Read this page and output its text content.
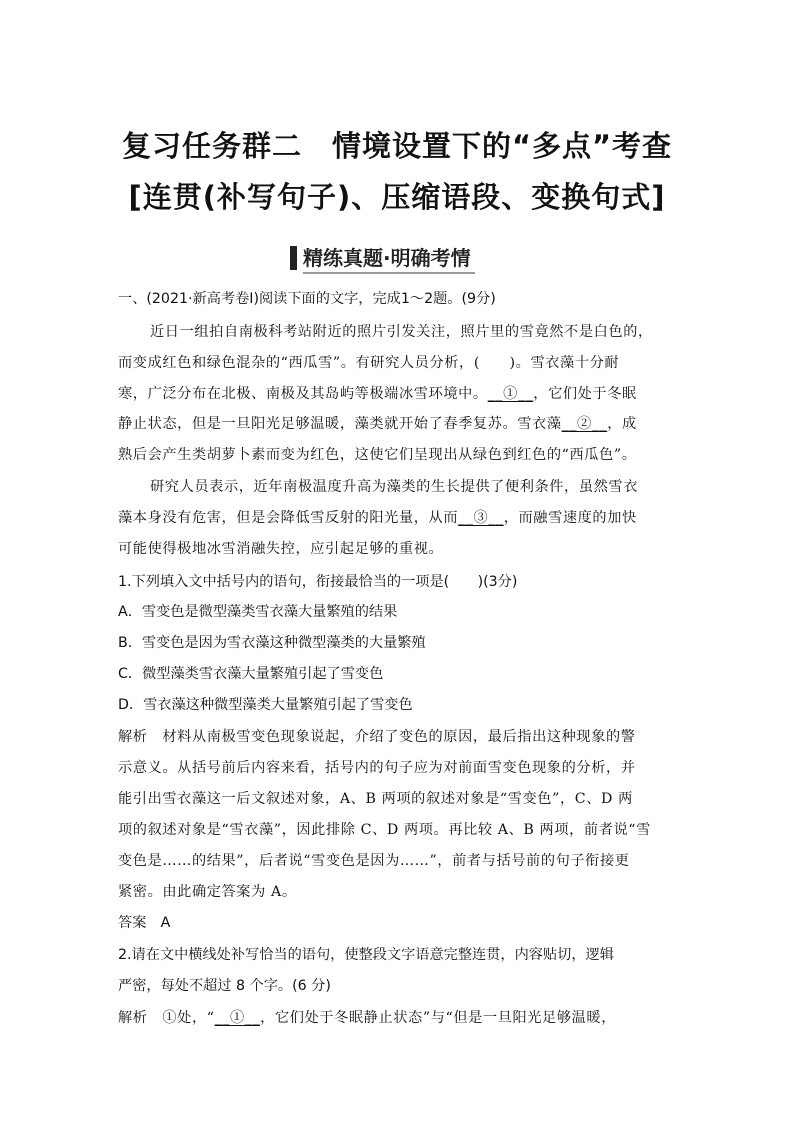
复习任务群二　情境设置下的“多点”考查
[连贯(补写句子)、压缩语段、变换句式]
精练真题·明确考情
一、(2021·新高考卷Ⅰ)阅读下面的文字，完成1～2题。(9分)
近日一组拍自南极科考站附近的照片引发关注，照片里的雪竟然不是白色的，
而变成红色和绿色混杂的“西瓜雪”。有研究人员分析，(　　)。雪衣藻十分耐
寒，广泛分布在北极、南极及其岛屿等极端冰雪环境中。__①__，它们处于冬眠
静止状态，但是一旦阳光足够温暖，藻类就开始了春季复苏。雪衣藻__②__，成
熟后会产生类胡萝卜素而变为红色，这使它们呈现出从绿色到红色的“西瓜色”。
研究人员表示，近年南极温度升高为藻类的生长提供了便利条件，虽然雪衣
藻本身没有危害，但是会降低雪反射的阳光量，从而__③__，而融雪速度的加快
可能使得极地冰雪消融失控，应引起足够的重视。
1.下列填入文中括号内的语句，衔接最恰当的一项是(　　)(3分)
A．雪变色是微型藻类雪衣藻大量繁殖的结果
B．雪变色是因为雪衣藻这种微型藻类的大量繁殖
C．微型藻类雪衣藻大量繁殖引起了雪变色
D．雪衣藻这种微型藻类大量繁殖引起了雪变色
解析　 材料从南极雪变色现象说起，介绍了变色的原因，最后指出这种现象的警
示意义。从括号前后内容来看，括号内的句子应为对前面雪变色现象的分析，并
能引出雪衣藻这一后文叙述对象，A、B 两项的叙述对象是“雪变色”，C、D 两
项的叙述对象是“雪衣藻”，因此排除 C、D 两项。再比较 A、B 两项，前者说“雪
变色是……的结果”，后者说“雪变色是因为……”，前者与括号前的句子衔接更
紧密。由此确定答案为 A。
答案　 A
2.请在文中横线处补写恰当的语句，使整段文字语意完整连贯，内容贴切，逻辑
严密，每处不超过 8 个字。(6 分)
解析　 ①处，“__①__，它们处于冬眠静止状态”与“但是一旦阳光足够温暖，
